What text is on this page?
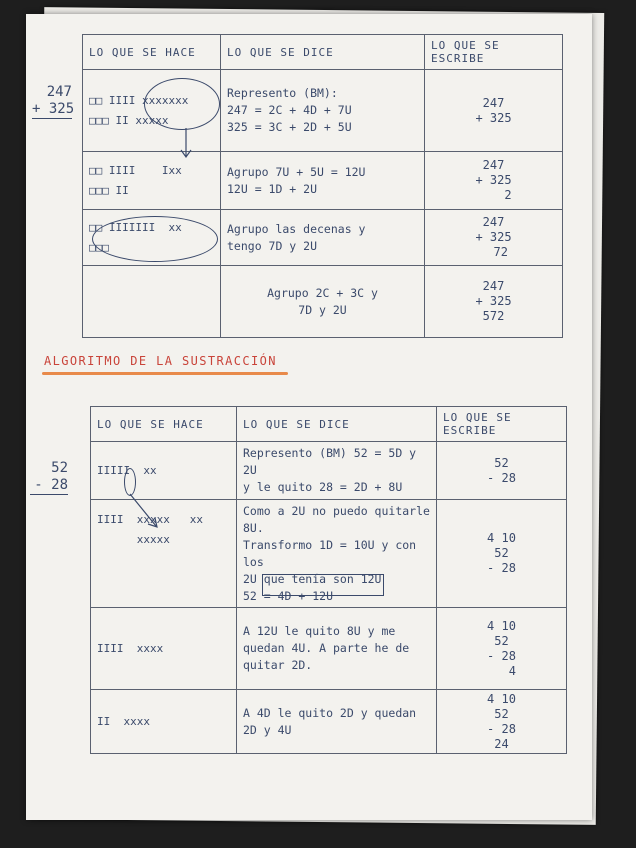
247
+ 325
LO QUE SE HACE	LO QUE SE DICE	LO QUE SE ESCRIBE
□□ IIII xxxxxxx
□□□ II xxxxx	Represento (BM):
247 = 2C + 4D + 7U
325 = 3C + 2D + 5U	247
+ 325
□□ IIII    Ixx
□□□ II	Agrupo 7U + 5U = 12U
12U = 1D + 2U	247
+ 325
2
□□ IIIIIII  xx
□□□	Agrupo las decenas y
tengo 7D y 2U	247
+ 325
72
	Agrupo 2C + 3C y
7D y 2U	247
+ 325
572
ALGORITMO DE LA SUSTRACCIÓN
52
- 28
LO QUE SE HACE	LO QUE SE DICE	LO QUE SE ESCRIBE
IIIII  xx	Represento (BM) 52 = 5D y 2U
y le quito 28 = 2D + 8U	52
- 28
IIII  xxxxx   xx
xxxxx	Como a 2U no puedo quitarle 8U.
Transformo 1D = 10U y con los
2U que tenía son 12U
52 = 4D + 12U	4 10
52
- 28
IIII  xxxx	A 12U le quito 8U y me
quedan 4U. A parte he de
quitar 2D.	4 10
52
- 28
4
II  xxxx	A 4D le quito 2D y quedan
2D y 4U	4 10
52
- 28
24
